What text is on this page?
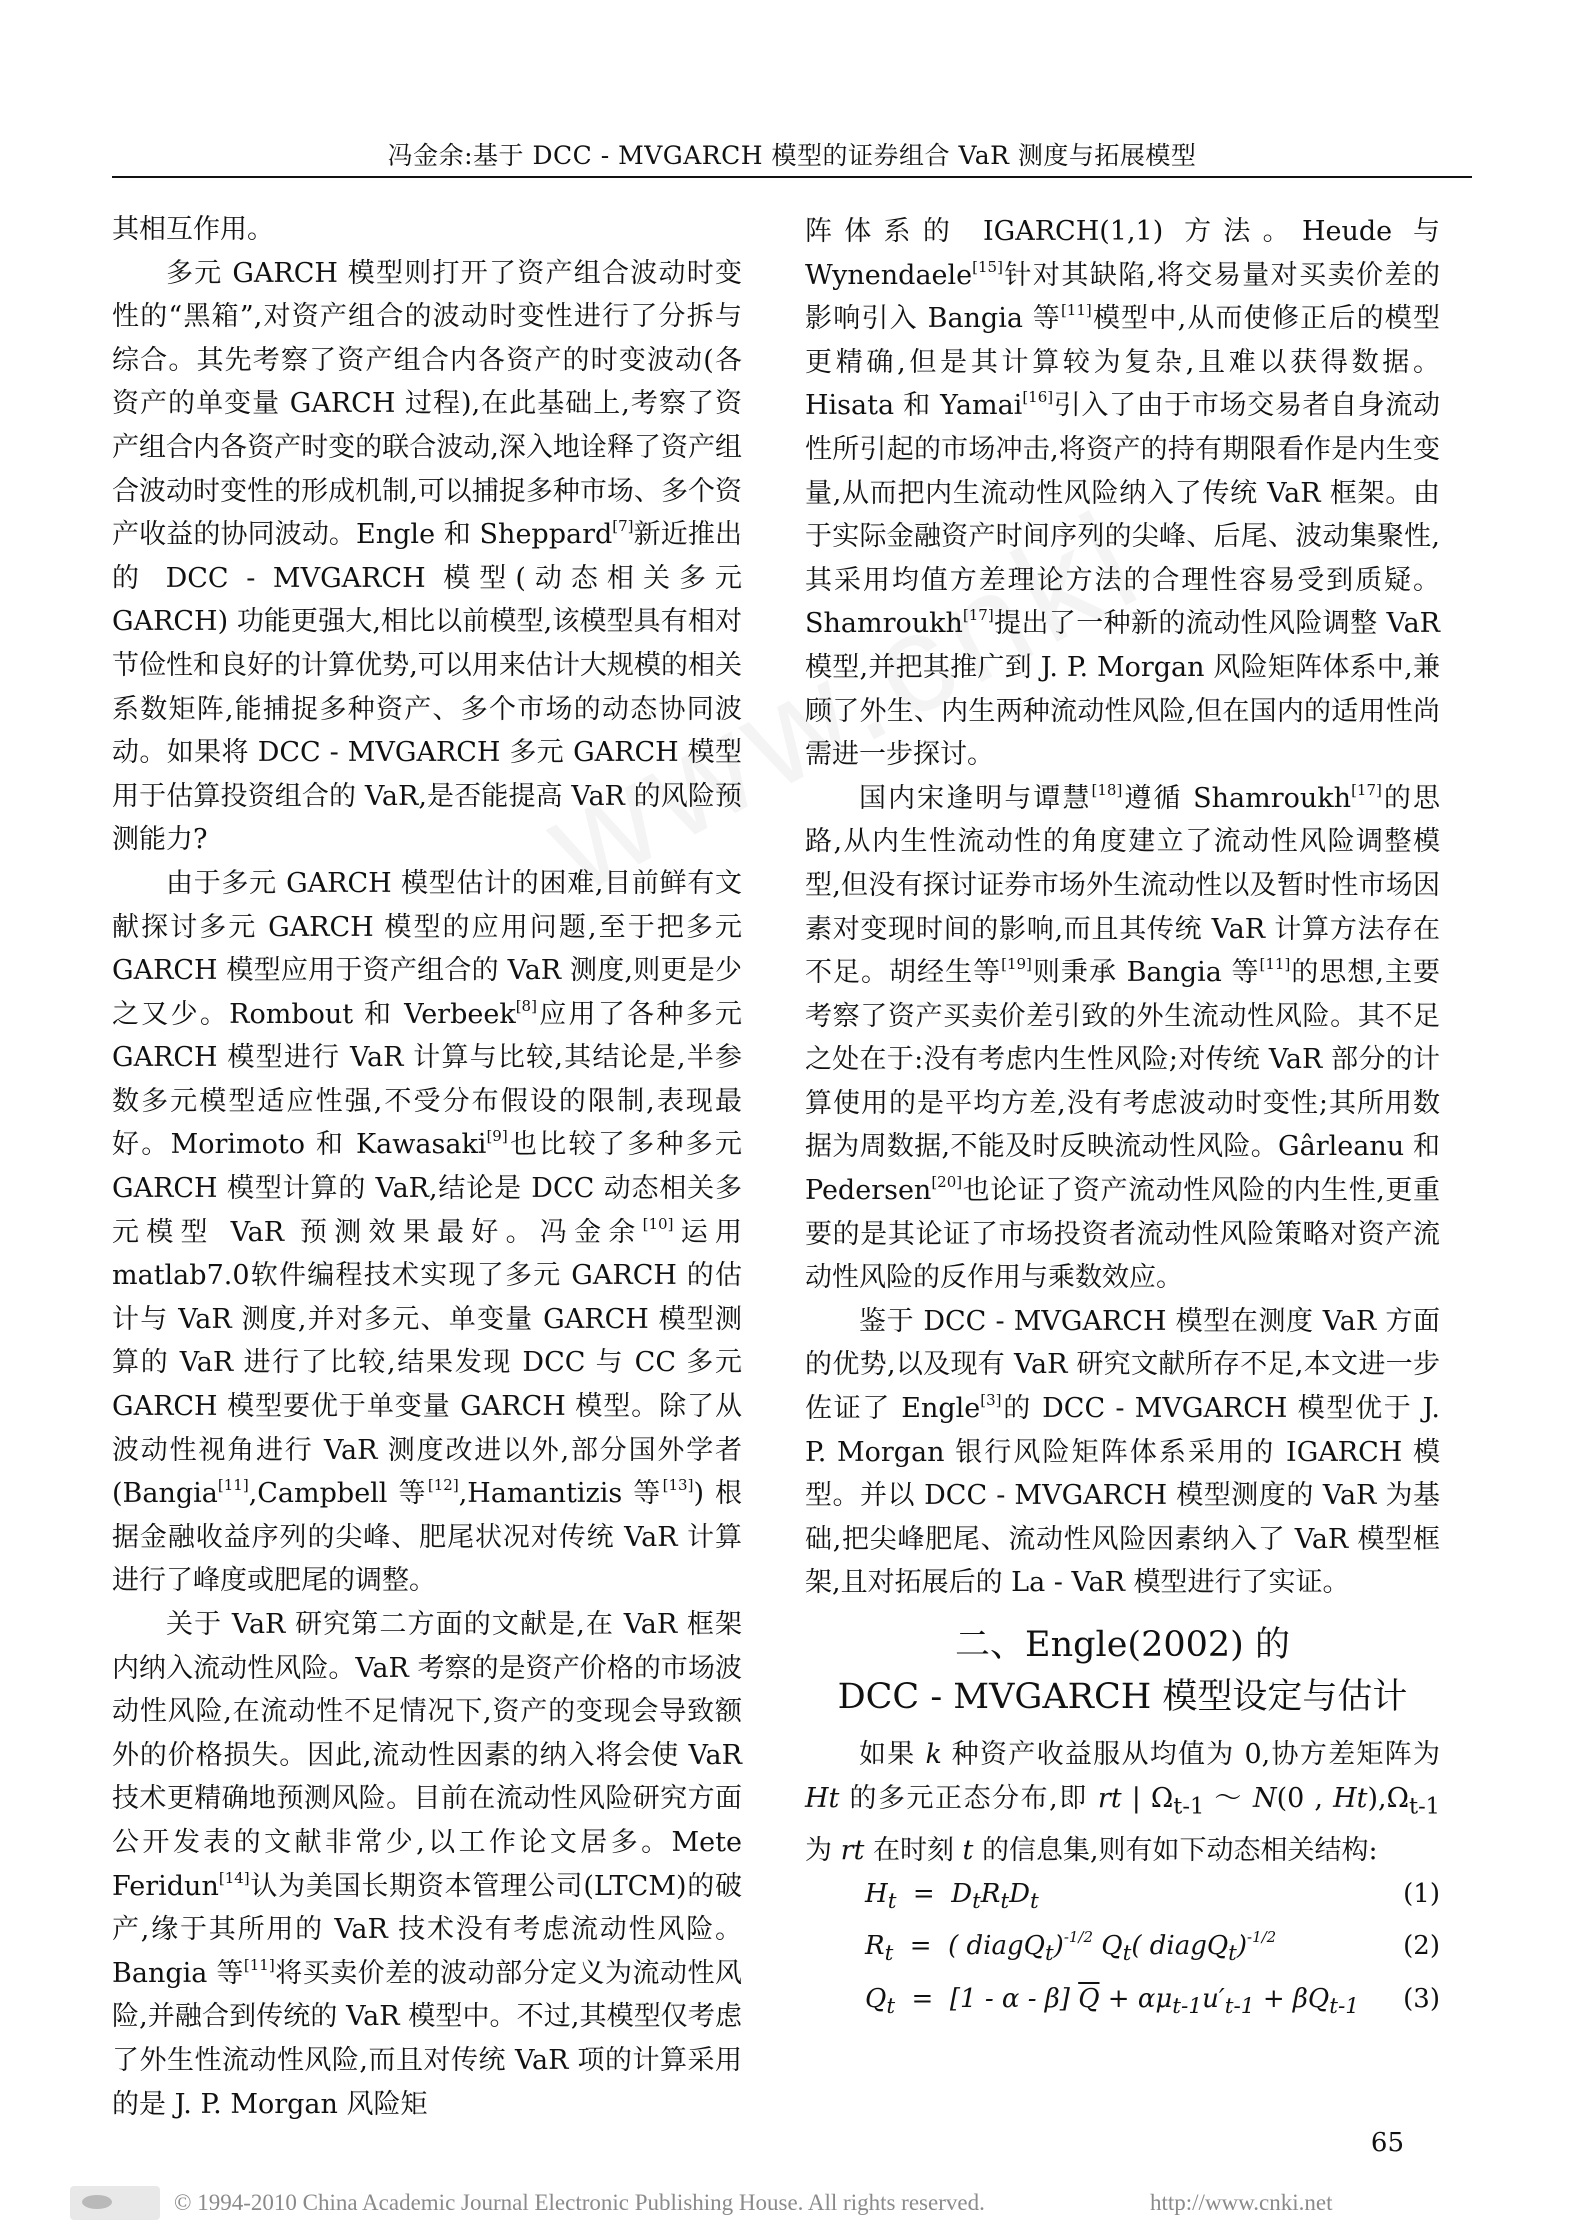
冯金余:基于 DCC - MVGARCH 模型的证券组合 VaR 测度与拓展模型

其相互作用。

多元 GARCH 模型则打开了资产组合波动时变性的“黑箱”,对资产组合的波动时变性进行了分拆与综合。其先考察了资产组合内各资产的时变波动(各资产的单变量 GARCH 过程),在此基础上,考察了资产组合内各资产时变的联合波动,深入地诠释了资产组合波动时变性的形成机制,可以捕捉多种市场、多个资产收益的协同波动。Engle 和 Sheppard[7]新近推出的 DCC - MVGARCH 模型(动态相关多元 GARCH) 功能更强大,相比以前模型,该模型具有相对节俭性和良好的计算优势,可以用来估计大规模的相关系数矩阵,能捕捉多种资产、多个市场的动态协同波动。如果将 DCC - MVGARCH 多元 GARCH 模型用于估算投资组合的 VaR,是否能提高 VaR 的风险预测能力?

由于多元 GARCH 模型估计的困难,目前鲜有文献探讨多元 GARCH 模型的应用问题,至于把多元 GARCH 模型应用于资产组合的 VaR 测度,则更是少之又少。Rombout 和 Verbeek[8]应用了各种多元 GARCH 模型进行 VaR 计算与比较,其结论是,半参数多元模型适应性强,不受分布假设的限制,表现最好。Morimoto 和 Kawasaki[9]也比较了多种多元 GARCH 模型计算的 VaR,结论是 DCC 动态相关多元模型 VaR 预测效果最好。冯金余[10]运用 matlab7.0软件编程技术实现了多元 GARCH 的估计与 VaR 测度,并对多元、单变量 GARCH 模型测算的 VaR 进行了比较,结果发现 DCC 与 CC 多元 GARCH 模型要优于单变量 GARCH 模型。除了从波动性视角进行 VaR 测度改进以外,部分国外学者(Bangia[11],Campbell 等[12],Hamantizis 等[13]) 根据金融收益序列的尖峰、肥尾状况对传统 VaR 计算进行了峰度或肥尾的调整。

关于 VaR 研究第二方面的文献是,在 VaR 框架内纳入流动性风险。VaR 考察的是资产价格的市场波动性风险,在流动性不足情况下,资产的变现会导致额外的价格损失。因此,流动性因素的纳入将会使 VaR 技术更精确地预测风险。目前在流动性风险研究方面公开发表的文献非常少,以工作论文居多。Mete Feridun[14]认为美国长期资本管理公司(LTCM)的破产,缘于其所用的 VaR 技术没有考虑流动性风险。Bangia 等[11]将买卖价差的波动部分定义为流动性风险,并融合到传统的 VaR 模型中。不过,其模型仅考虑了外生性流动性风险,而且对传统 VaR 项的计算采用的是 J. P. Morgan 风险矩

阵体系的 IGARCH(1,1) 方法。Heude 与 Wynendaele[15]针对其缺陷,将交易量对买卖价差的影响引入 Bangia 等[11]模型中,从而使修正后的模型更精确,但是其计算较为复杂,且难以获得数据。Hisata 和 Yamai[16]引入了由于市场交易者自身流动性所引起的市场冲击,将资产的持有期限看作是内生变量,从而把内生流动性风险纳入了传统 VaR 框架。由于实际金融资产时间序列的尖峰、后尾、波动集聚性,其采用均值方差理论方法的合理性容易受到质疑。Shamroukh[17]提出了一种新的流动性风险调整 VaR 模型,并把其推广到 J. P. Morgan 风险矩阵体系中,兼顾了外生、内生两种流动性风险,但在国内的适用性尚需进一步探讨。

国内宋逢明与谭慧[18]遵循 Shamroukh[17]的思路,从内生性流动性的角度建立了流动性风险调整模型,但没有探讨证券市场外生流动性以及暂时性市场因素对变现时间的影响,而且其传统 VaR 计算方法存在不足。胡经生等[19]则秉承 Bangia 等[11]的思想,主要考察了资产买卖价差引致的外生流动性风险。其不足之处在于:没有考虑内生性风险;对传统 VaR 部分的计算使用的是平均方差,没有考虑波动时变性;其所用数据为周数据,不能及时反映流动性风险。Gârleanu 和 Pedersen[20]也论证了资产流动性风险的内生性,更重要的是其论证了市场投资者流动性风险策略对资产流动性风险的反作用与乘数效应。

鉴于 DCC - MVGARCH 模型在测度 VaR 方面的优势,以及现有 VaR 研究文献所存不足,本文进一步佐证了 Engle[3]的 DCC - MVGARCH 模型优于 J. P. Morgan 银行风险矩阵体系采用的 IGARCH 模型。并以 DCC - MVGARCH 模型测度的 VaR 为基础,把尖峰肥尾、流动性风险因素纳入了 VaR 模型框架,且对拓展后的 La - VaR 模型进行了实证。

二、Engle(2002) 的
DCC - MVGARCH 模型设定与估计

如果 k 种资产收益服从均值为 0,协方差矩阵为 Ht 的多元正态分布,即 rt | $\Omega_{t-1}$ ～ N(0 , $Ht),\Omega_{t-1}$ 为 rt 在时刻 t 的信息集,则有如下动态相关结构:

$H_t = D_tR_tD_t$	(1)
$R_t$  =  ( diagQ$_t$)$^{-1/2}$ $Q_t$( diagQ$_t$)$^{-1/2}$	(2)
$Q_t = [1 - \alpha - \beta] \overline{Q} + \alpha\mu_{t-1}u'_{t-1} + \beta Q_{t-1}$ (3)
65
© 1994-2010 China Academic Journal Electronic Publishing House. All rights reserved.	http://www.cnki.net
